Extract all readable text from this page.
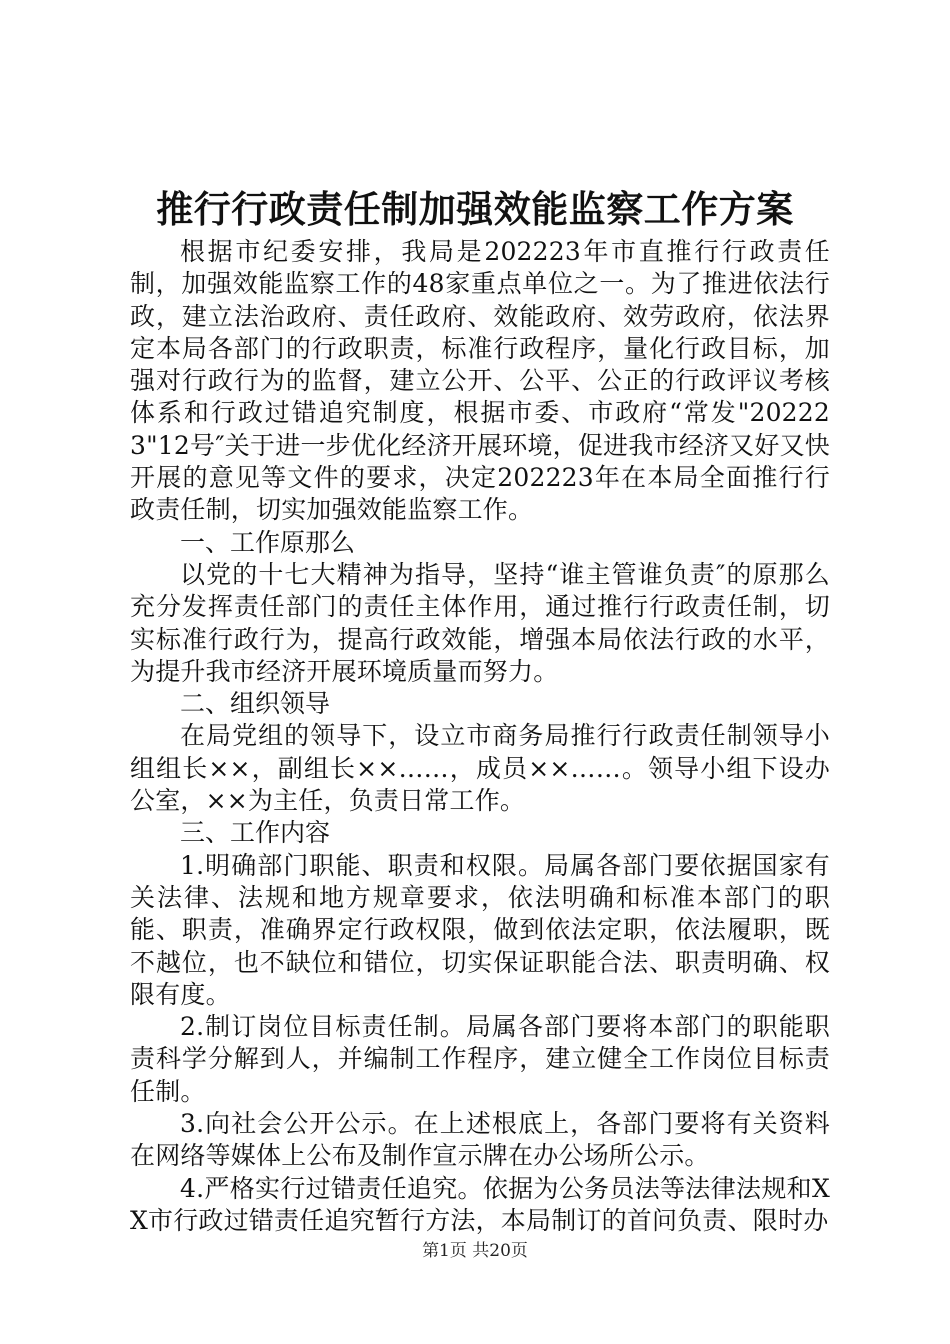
推行行政责任制加强效能监察工作方案

根据市纪委安排，我局是202223年市直推行行政责任制，加强效能监察工作的48家重点单位之一。为了推进依法行政，建立法治政府、责任政府、效能政府、效劳政府，依法界定本局各部门的行政职责，标准行政程序，量化行政目标，加强对行政行为的监督，建立公开、公平、公正的行政评议考核体系和行政过错追究制度，根据市委、市政府“常发"202223"12号″关于进一步优化经济开展环境，促进我市经济又好又快开展的意见等文件的要求，决定202223年在本局全面推行行政责任制，切实加强效能监察工作。

一、工作原那么

以党的十七大精神为指导，坚持“谁主管谁负责″的原那么充分发挥责任部门的责任主体作用，通过推行行政责任制，切实标准行政行为，提高行政效能，增强本局依法行政的水平，为提升我市经济开展环境质量而努力。

二、组织领导

在局党组的领导下，设立市商务局推行行政责任制领导小组组长××，副组长××……，成员××……。领导小组下设办公室，××为主任，负责日常工作。

三、工作内容

1.明确部门职能、职责和权限。局属各部门要依据国家有关法律、法规和地方规章要求，依法明确和标准本部门的职能、职责，准确界定行政权限，做到依法定职，依法履职，既不越位，也不缺位和错位，切实保证职能合法、职责明确、权限有度。

2.制订岗位目标责任制。局属各部门要将本部门的职能职责科学分解到人，并编制工作程序，建立健全工作岗位目标责任制。

3.向社会公开公示。在上述根底上，各部门要将有关资料在网络等媒体上公布及制作宣示牌在办公场所公示。

4.严格实行过错责任追究。依据为公务员法等法律法规和XX市行政过错责任追究暂行方法，本局制订的首问负责、限时办

第1页 共20页
